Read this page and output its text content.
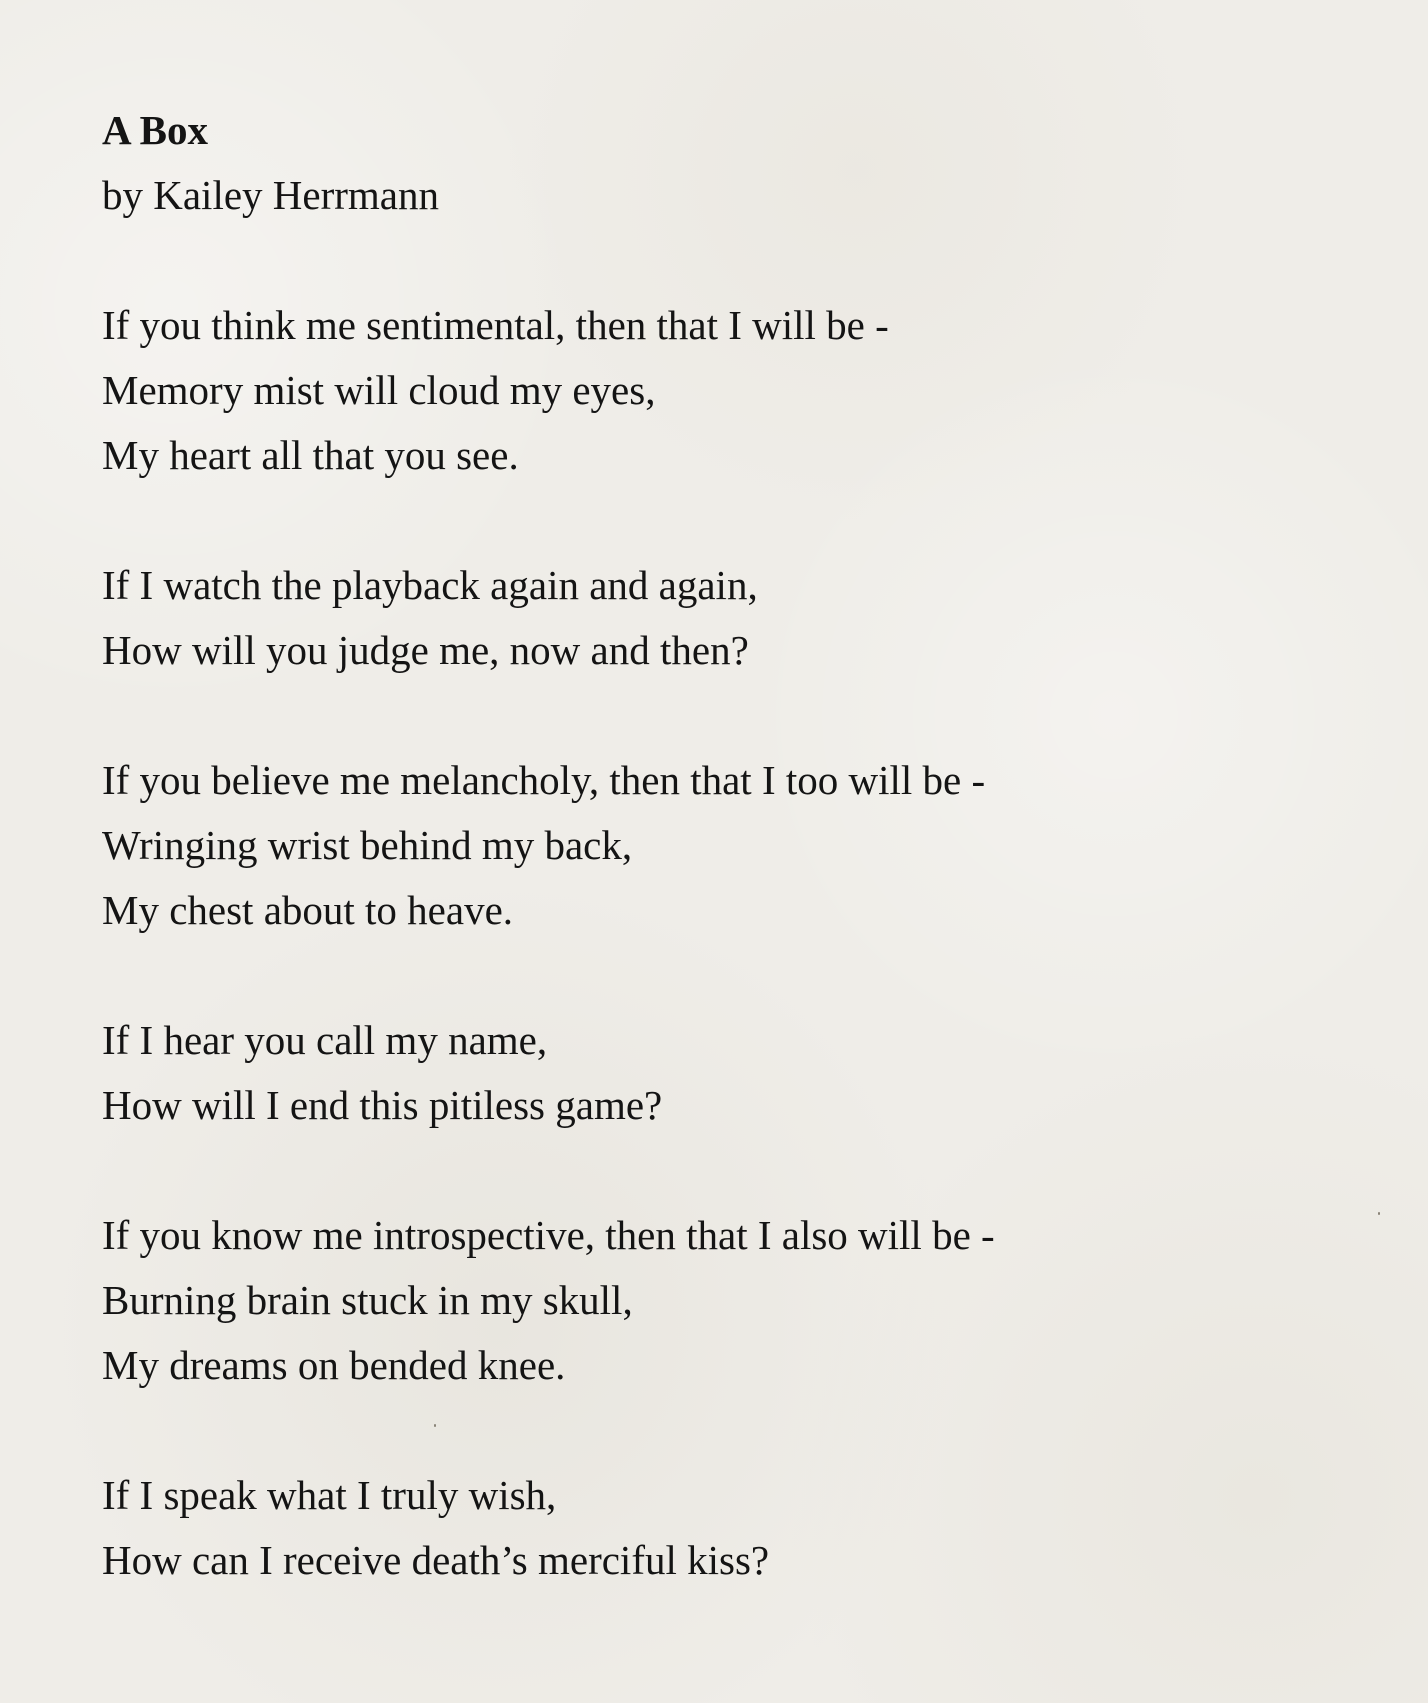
A Box

by Kailey Herrmann

If you think me sentimental, then that I will be -
Memory mist will cloud my eyes,
My heart all that you see.
If I watch the playback again and again,
How will you judge me, now and then?
If you believe me melancholy, then that I too will be -
Wringing wrist behind my back,
My chest about to heave.
If I hear you call my name,
How will I end this pitiless game?
If you know me introspective, then that I also will be -
Burning brain stuck in my skull,
My dreams on bended knee.
If I speak what I truly wish,
How can I receive death’s merciful kiss?
